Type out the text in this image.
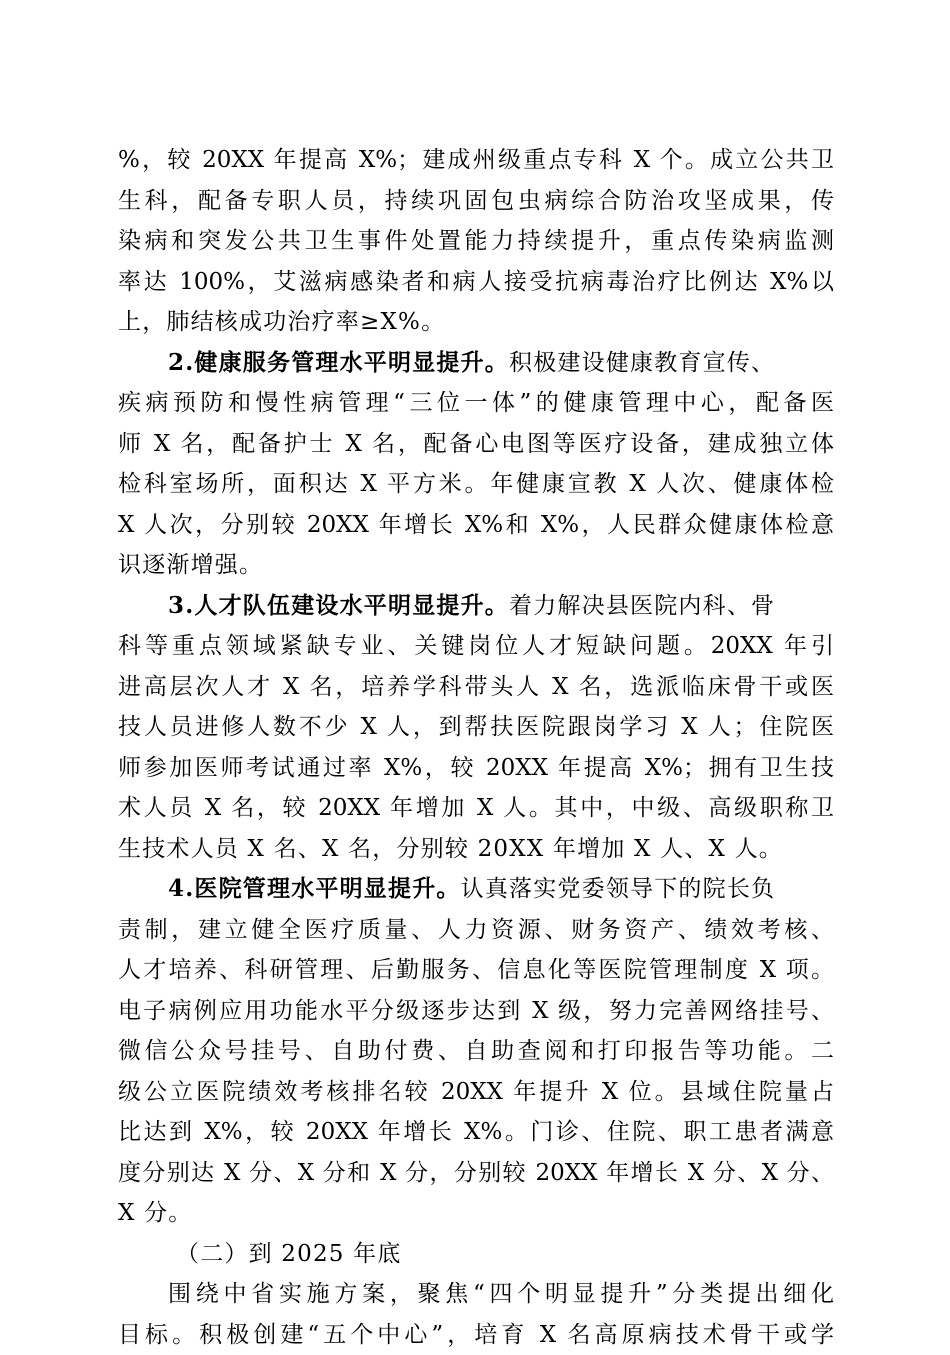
%，较 20XX 年提高 X%；建成州级重点专科 X 个。成立公共卫
生科，配备专职人员，持续巩固包虫病综合防治攻坚成果，传
染病和突发公共卫生事件处置能力持续提升，重点传染病监测
率达 100%，艾滋病感染者和病人接受抗病毒治疗比例达 X%以
上，肺结核成功治疗率≥X%。
2.健康服务管理水平明显提升。积极建设健康教育宣传、
疾病预防和慢性病管理“三位一体”的健康管理中心，配备医
师 X 名，配备护士 X 名，配备心电图等医疗设备，建成独立体
检科室场所，面积达 X 平方米。年健康宣教 X 人次、健康体检
X 人次，分别较 20XX 年增长 X%和 X%，人民群众健康体检意
识逐渐增强。
3.人才队伍建设水平明显提升。着力解决县医院内科、骨
科等重点领域紧缺专业、关键岗位人才短缺问题。20XX 年引
进高层次人才 X 名，培养学科带头人 X 名，选派临床骨干或医
技人员进修人数不少 X 人，到帮扶医院跟岗学习 X 人；住院医
师参加医师考试通过率 X%，较 20XX 年提高 X%；拥有卫生技
术人员 X 名，较 20XX 年增加 X 人。其中，中级、高级职称卫
生技术人员 X 名、X 名，分别较 20XX 年增加 X 人、X 人。
4.医院管理水平明显提升。认真落实党委领导下的院长负
责制，建立健全医疗质量、人力资源、财务资产、绩效考核、
人才培养、科研管理、后勤服务、信息化等医院管理制度 X 项。
电子病例应用功能水平分级逐步达到 X 级，努力完善网络挂号、
微信公众号挂号、自助付费、自助查阅和打印报告等功能。二
级公立医院绩效考核排名较 20XX 年提升 X 位。县域住院量占
比达到 X%，较 20XX 年增长 X%。门诊、住院、职工患者满意
度分别达 X 分、X 分和 X 分，分别较 20XX 年增长 X 分、X 分、
X 分。
（二）到 2025 年底
围绕中省实施方案，聚焦“四个明显提升”分类提出细化
目标。积极创建“五个中心”，培育 X 名高原病技术骨干或学
